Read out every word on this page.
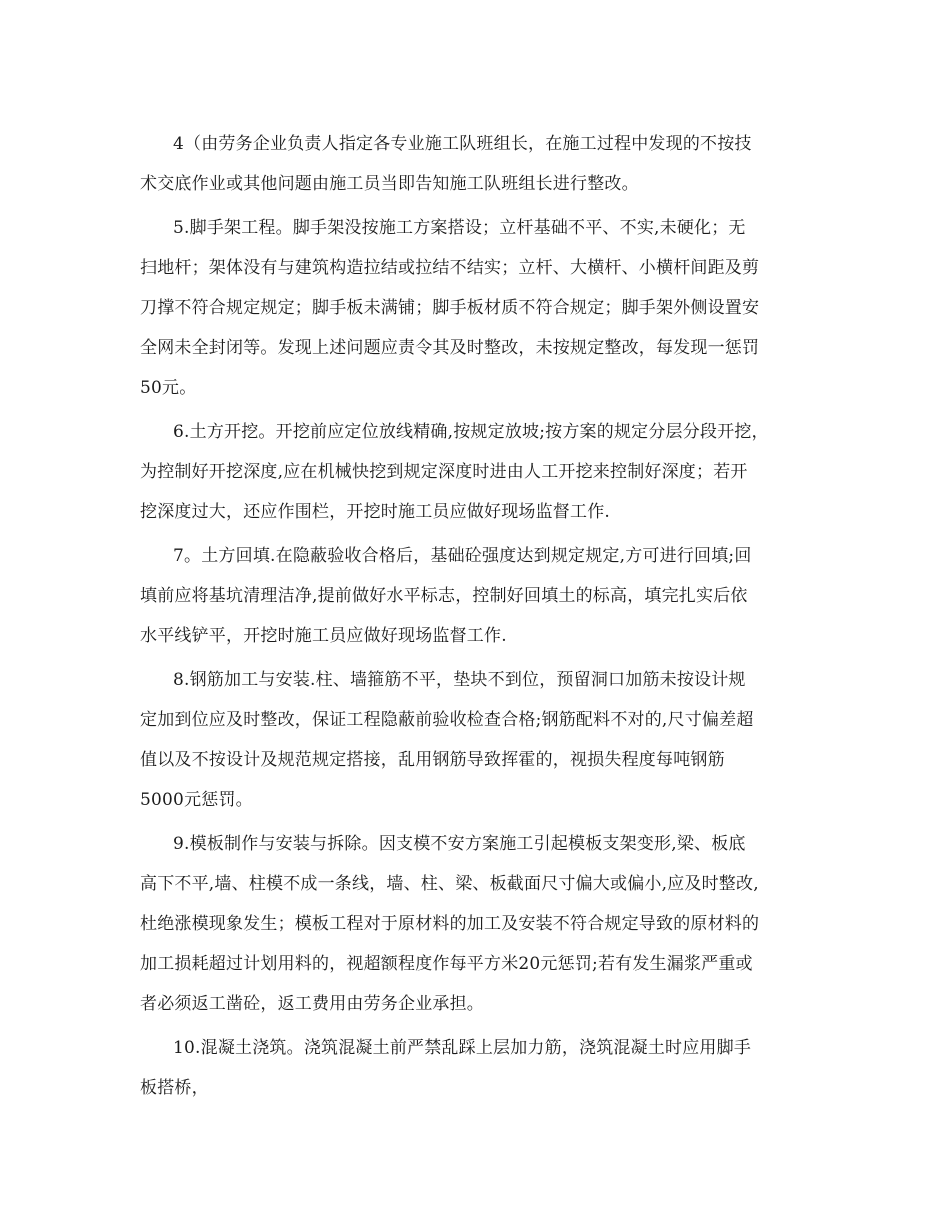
4（由劳务企业负责人指定各专业施工队班组长，在施工过程中发现的不按技
术交底作业或其他问题由施工员当即告知施工队班组长进行整改。
5.脚手架工程。脚手架没按施工方案搭设；立杆基础不平、不实,未硬化；无
扫地杆；架体没有与建筑构造拉结或拉结不结实；立杆、大横杆、小横杆间距及剪
刀撑不符合规定规定；脚手板未满铺；脚手板材质不符合规定；脚手架外侧设置安
全网未全封闭等。发现上述问题应责令其及时整改，未按规定整改，每发现一惩罚
50元。
6.土方开挖。开挖前应定位放线精确,按规定放坡;按方案的规定分层分段开挖，
为控制好开挖深度,应在机械快挖到规定深度时进由人工开挖来控制好深度；若开
挖深度过大，还应作围栏，开挖时施工员应做好现场监督工作.
7。土方回填.在隐蔽验收合格后，基础砼强度达到规定规定,方可进行回填;回
填前应将基坑清理洁净,提前做好水平标志，控制好回填土的标高，填完扎实后依
水平线铲平，开挖时施工员应做好现场监督工作.
8.钢筋加工与安装.柱、墙箍筋不平，垫块不到位，预留洞口加筋未按设计规
定加到位应及时整改，保证工程隐蔽前验收检查合格;钢筋配料不对的,尺寸偏差超
值以及不按设计及规范规定搭接，乱用钢筋导致挥霍的，视损失程度每吨钢筋
5000元惩罚。
9.模板制作与安装与拆除。因支模不安方案施工引起模板支架变形,梁、板底
高下不平,墙、柱模不成一条线，墙、柱、梁、板截面尺寸偏大或偏小,应及时整改,
杜绝涨模现象发生；模板工程对于原材料的加工及安装不符合规定导致的原材料的
加工损耗超过计划用料的，视超额程度作每平方米20元惩罚;若有发生漏浆严重或
者必须返工凿砼，返工费用由劳务企业承担。
10.混凝土浇筑。浇筑混凝土前严禁乱踩上层加力筋，浇筑混凝土时应用脚手
板搭桥，
